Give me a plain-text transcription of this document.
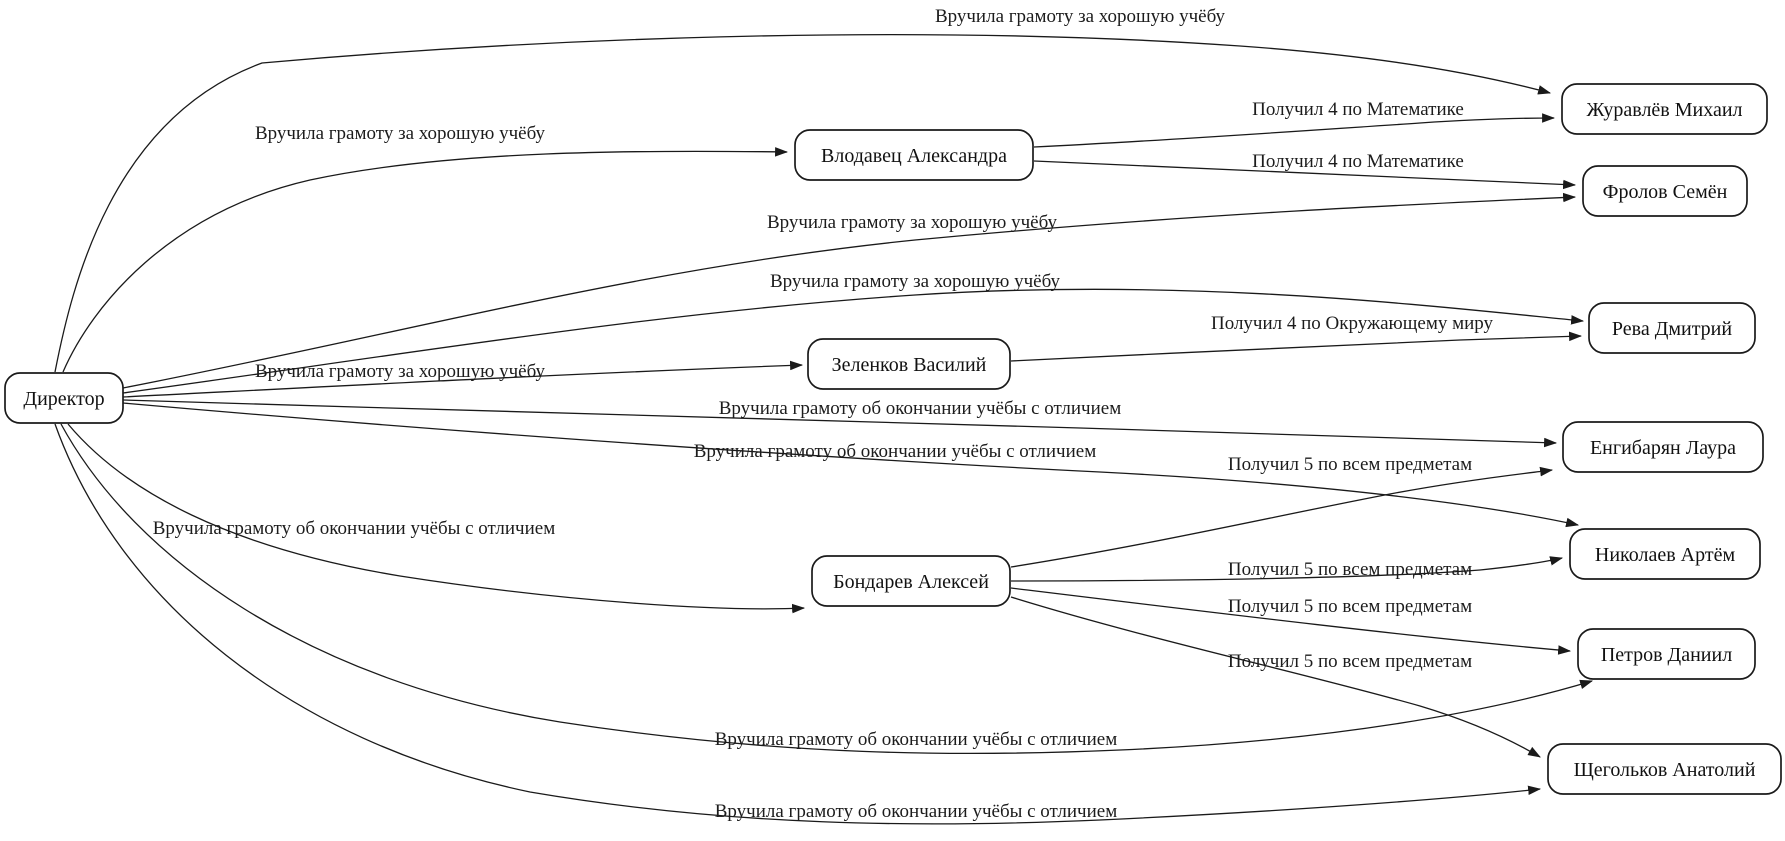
Вручила грамоту за хорошую учёбу
Вручила грамоту за хорошую учёбу
Вручила грамоту за хорошую учёбу
Вручила грамоту за хорошую учёбу
Вручила грамоту за хорошую учёбу
Вручила грамоту об окончании учёбы с отличием
Вручила грамоту об окончании учёбы с отличием
Вручила грамоту об окончании учёбы с отличием
Вручила грамоту об окончании учёбы с отличием
Вручила грамоту об окончании учёбы с отличием
Получил 4 по Математике
Получил 4 по Математике
Получил 4 по Окружающему миру
Получил 5 по всем предметам
Получил 5 по всем предметам
Получил 5 по всем предметам
Получил 5 по всем предметам
Директор
Влодавец Александра
Зеленков Василий
Бондарев Алексей
Журавлёв Михаил
Фролов Семён
Рева Дмитрий
Енгибарян Лаура
Николаев Артём
Петров Даниил
Щегольков Анатолий
